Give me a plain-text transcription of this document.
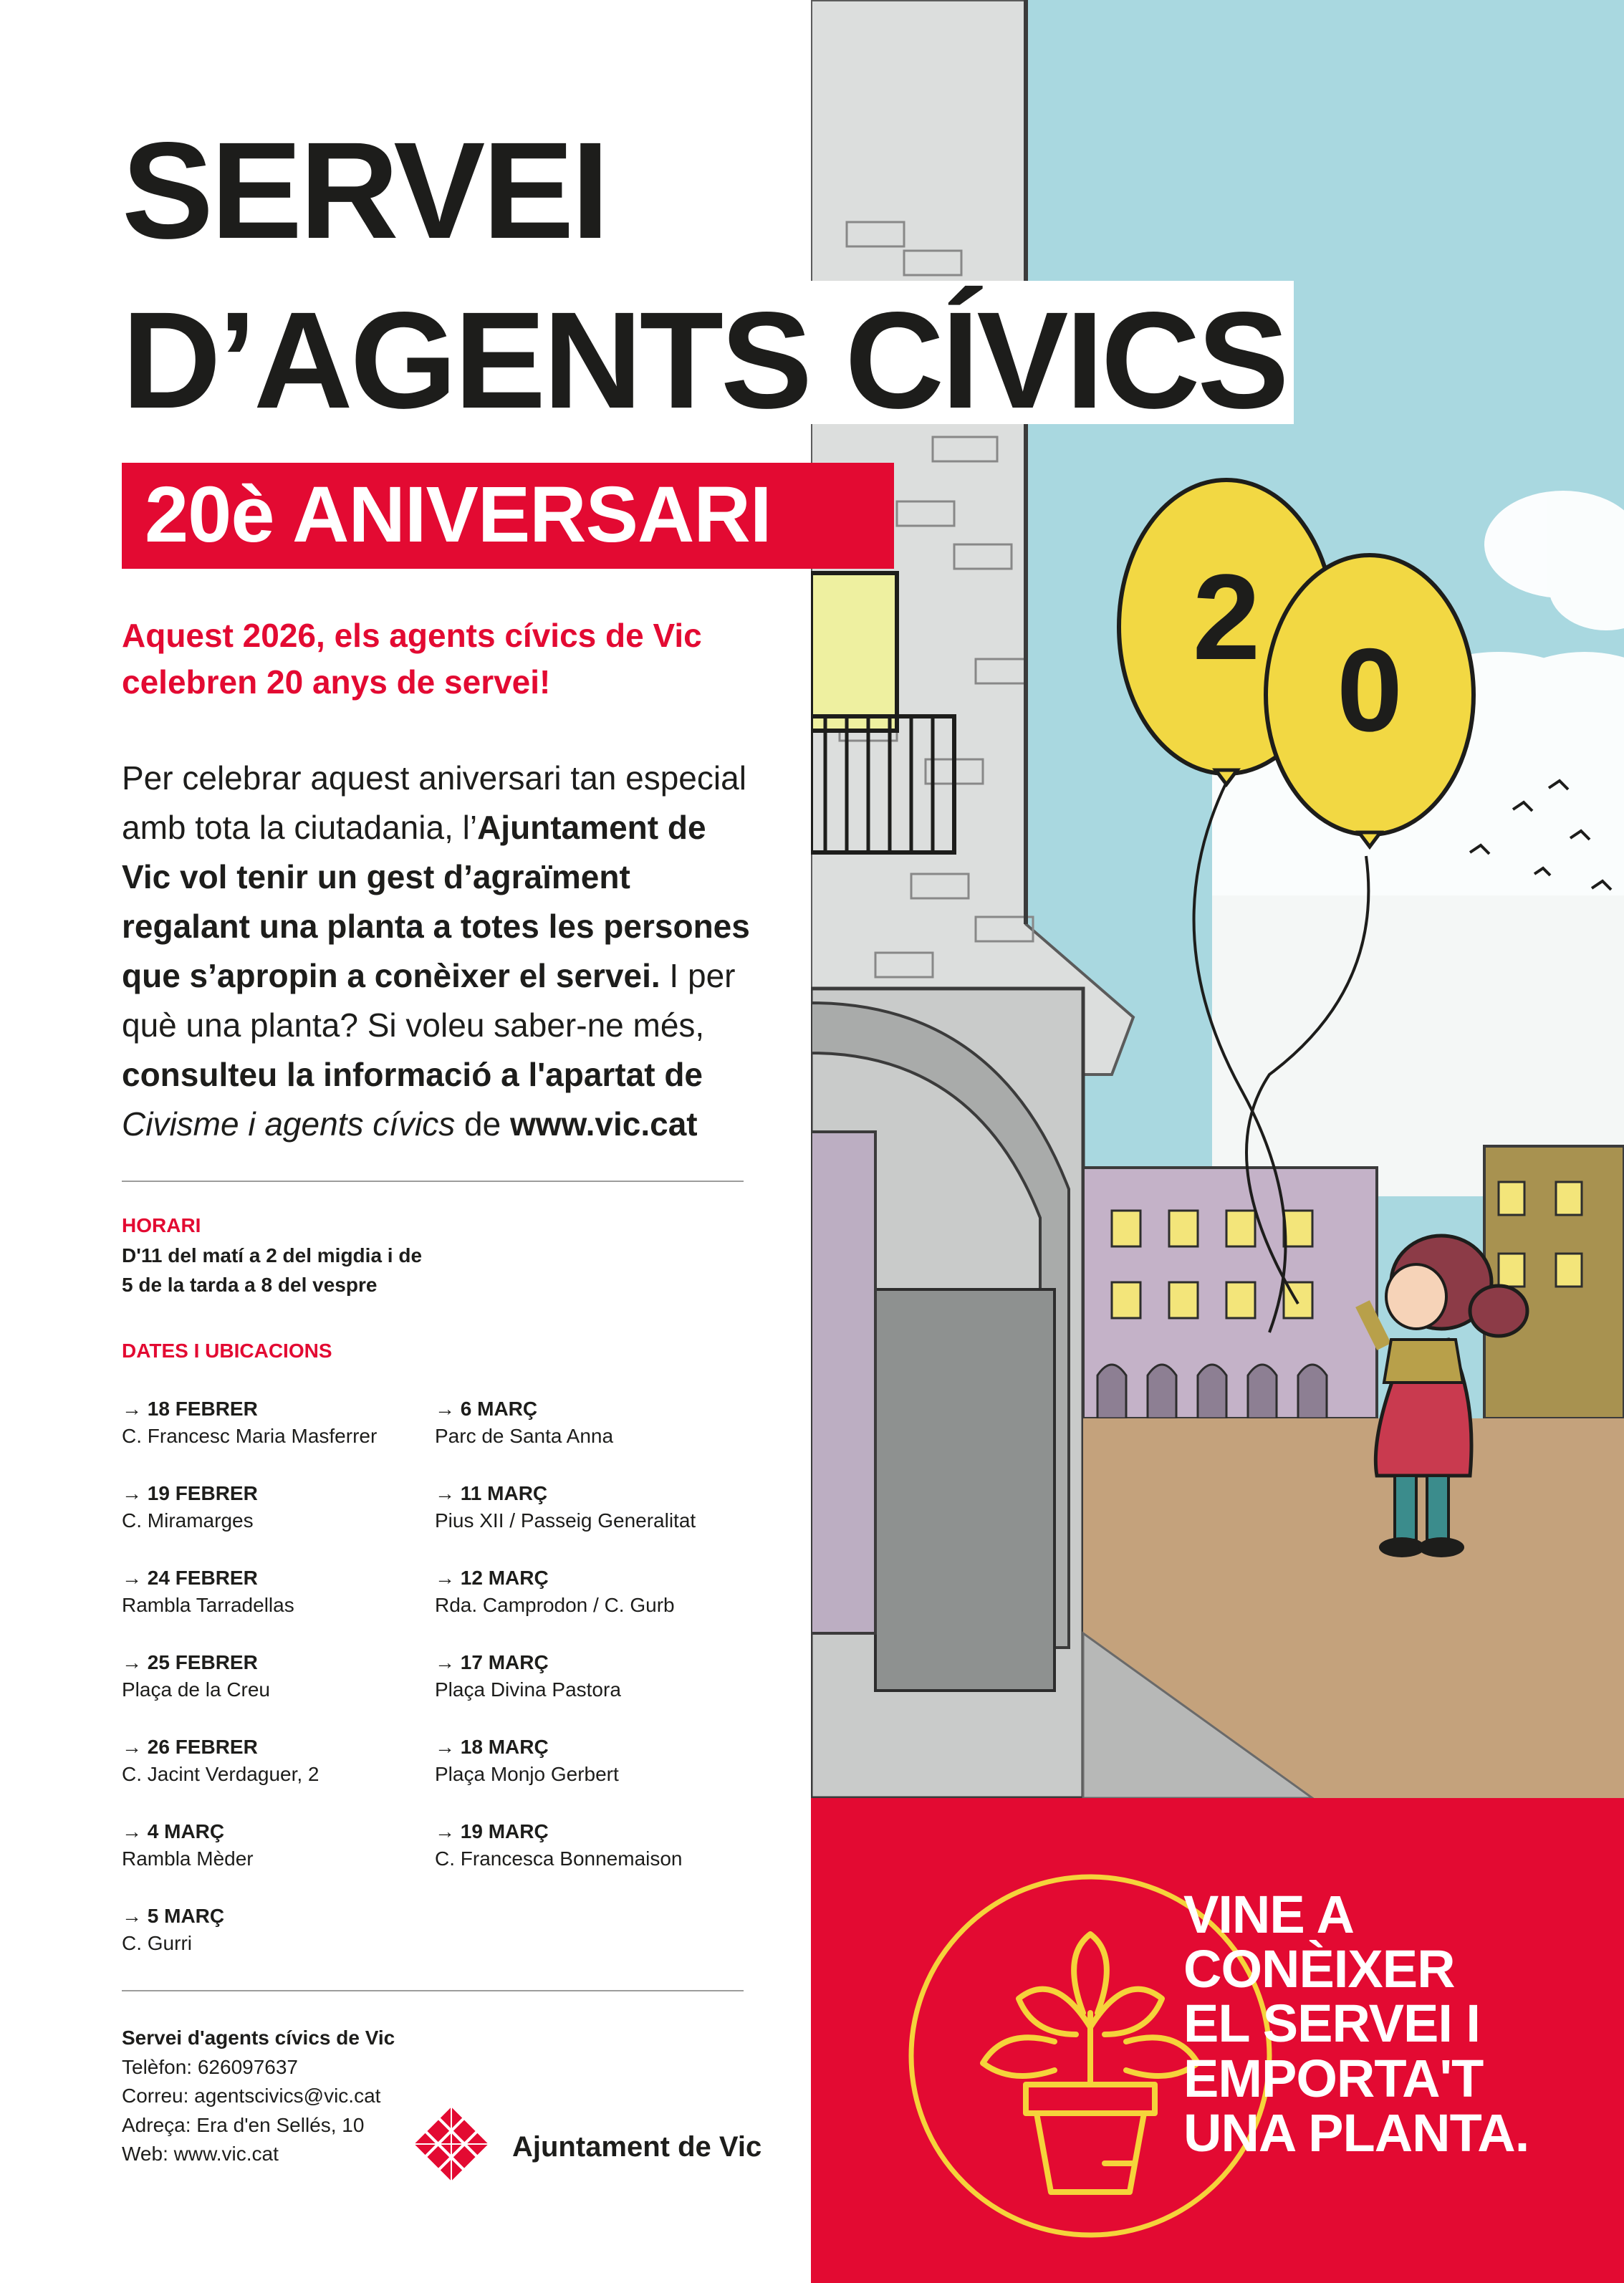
SERVEI
20è ANIVERSARI
Aquest 2026, els agents cívics de Vic
celebren 20 anys de servei!
Per celebrar aquest aniversari tan especial amb tota la ciutadania, l’Ajuntament de Vic vol tenir un gest d’agraïment regalant una planta a totes les persones que s’apropin a conèixer el servei. I per què una planta? Si voleu saber-ne més, consulteu la informació a l'apartat de Civisme i agents cívics de www.vic.cat
HORARI
D'11 del matí a 2 del migdia i de
5 de la tarda a 8 del vespre
DATES I UBICACIONS
→ 18 FEBRER
C. Francesc Maria Masferrer
→ 19 FEBRER
C. Miramarges
→ 24 FEBRER
Rambla Tarradellas
→ 25 FEBRER
Plaça de la Creu
→ 26 FEBRER
C. Jacint Verdaguer, 2
→ 4 MARÇ
Rambla Mèder
→ 5 MARÇ
C. Gurri
→ 6 MARÇ
Parc de Santa Anna
→ 11 MARÇ
Pius XII / Passeig Generalitat
→ 12 MARÇ
Rda. Camprodon / C. Gurb
→ 17 MARÇ
Plaça Divina Pastora
→ 18 MARÇ
Plaça Monjo Gerbert
→ 19 MARÇ
C. Francesca Bonnemaison
Servei d'agents cívics de Vic
Telèfon: 626097637
Correu: agentscivics@vic.cat
Adreça: Era d'en Sellés, 10
Web: www.vic.cat	Ajuntament de Vic
2
0
VINE A
CONÈIXER
EL SERVEI I
EMPORTA'T
UNA PLANTA.
D’AGENTS CÍVICS
